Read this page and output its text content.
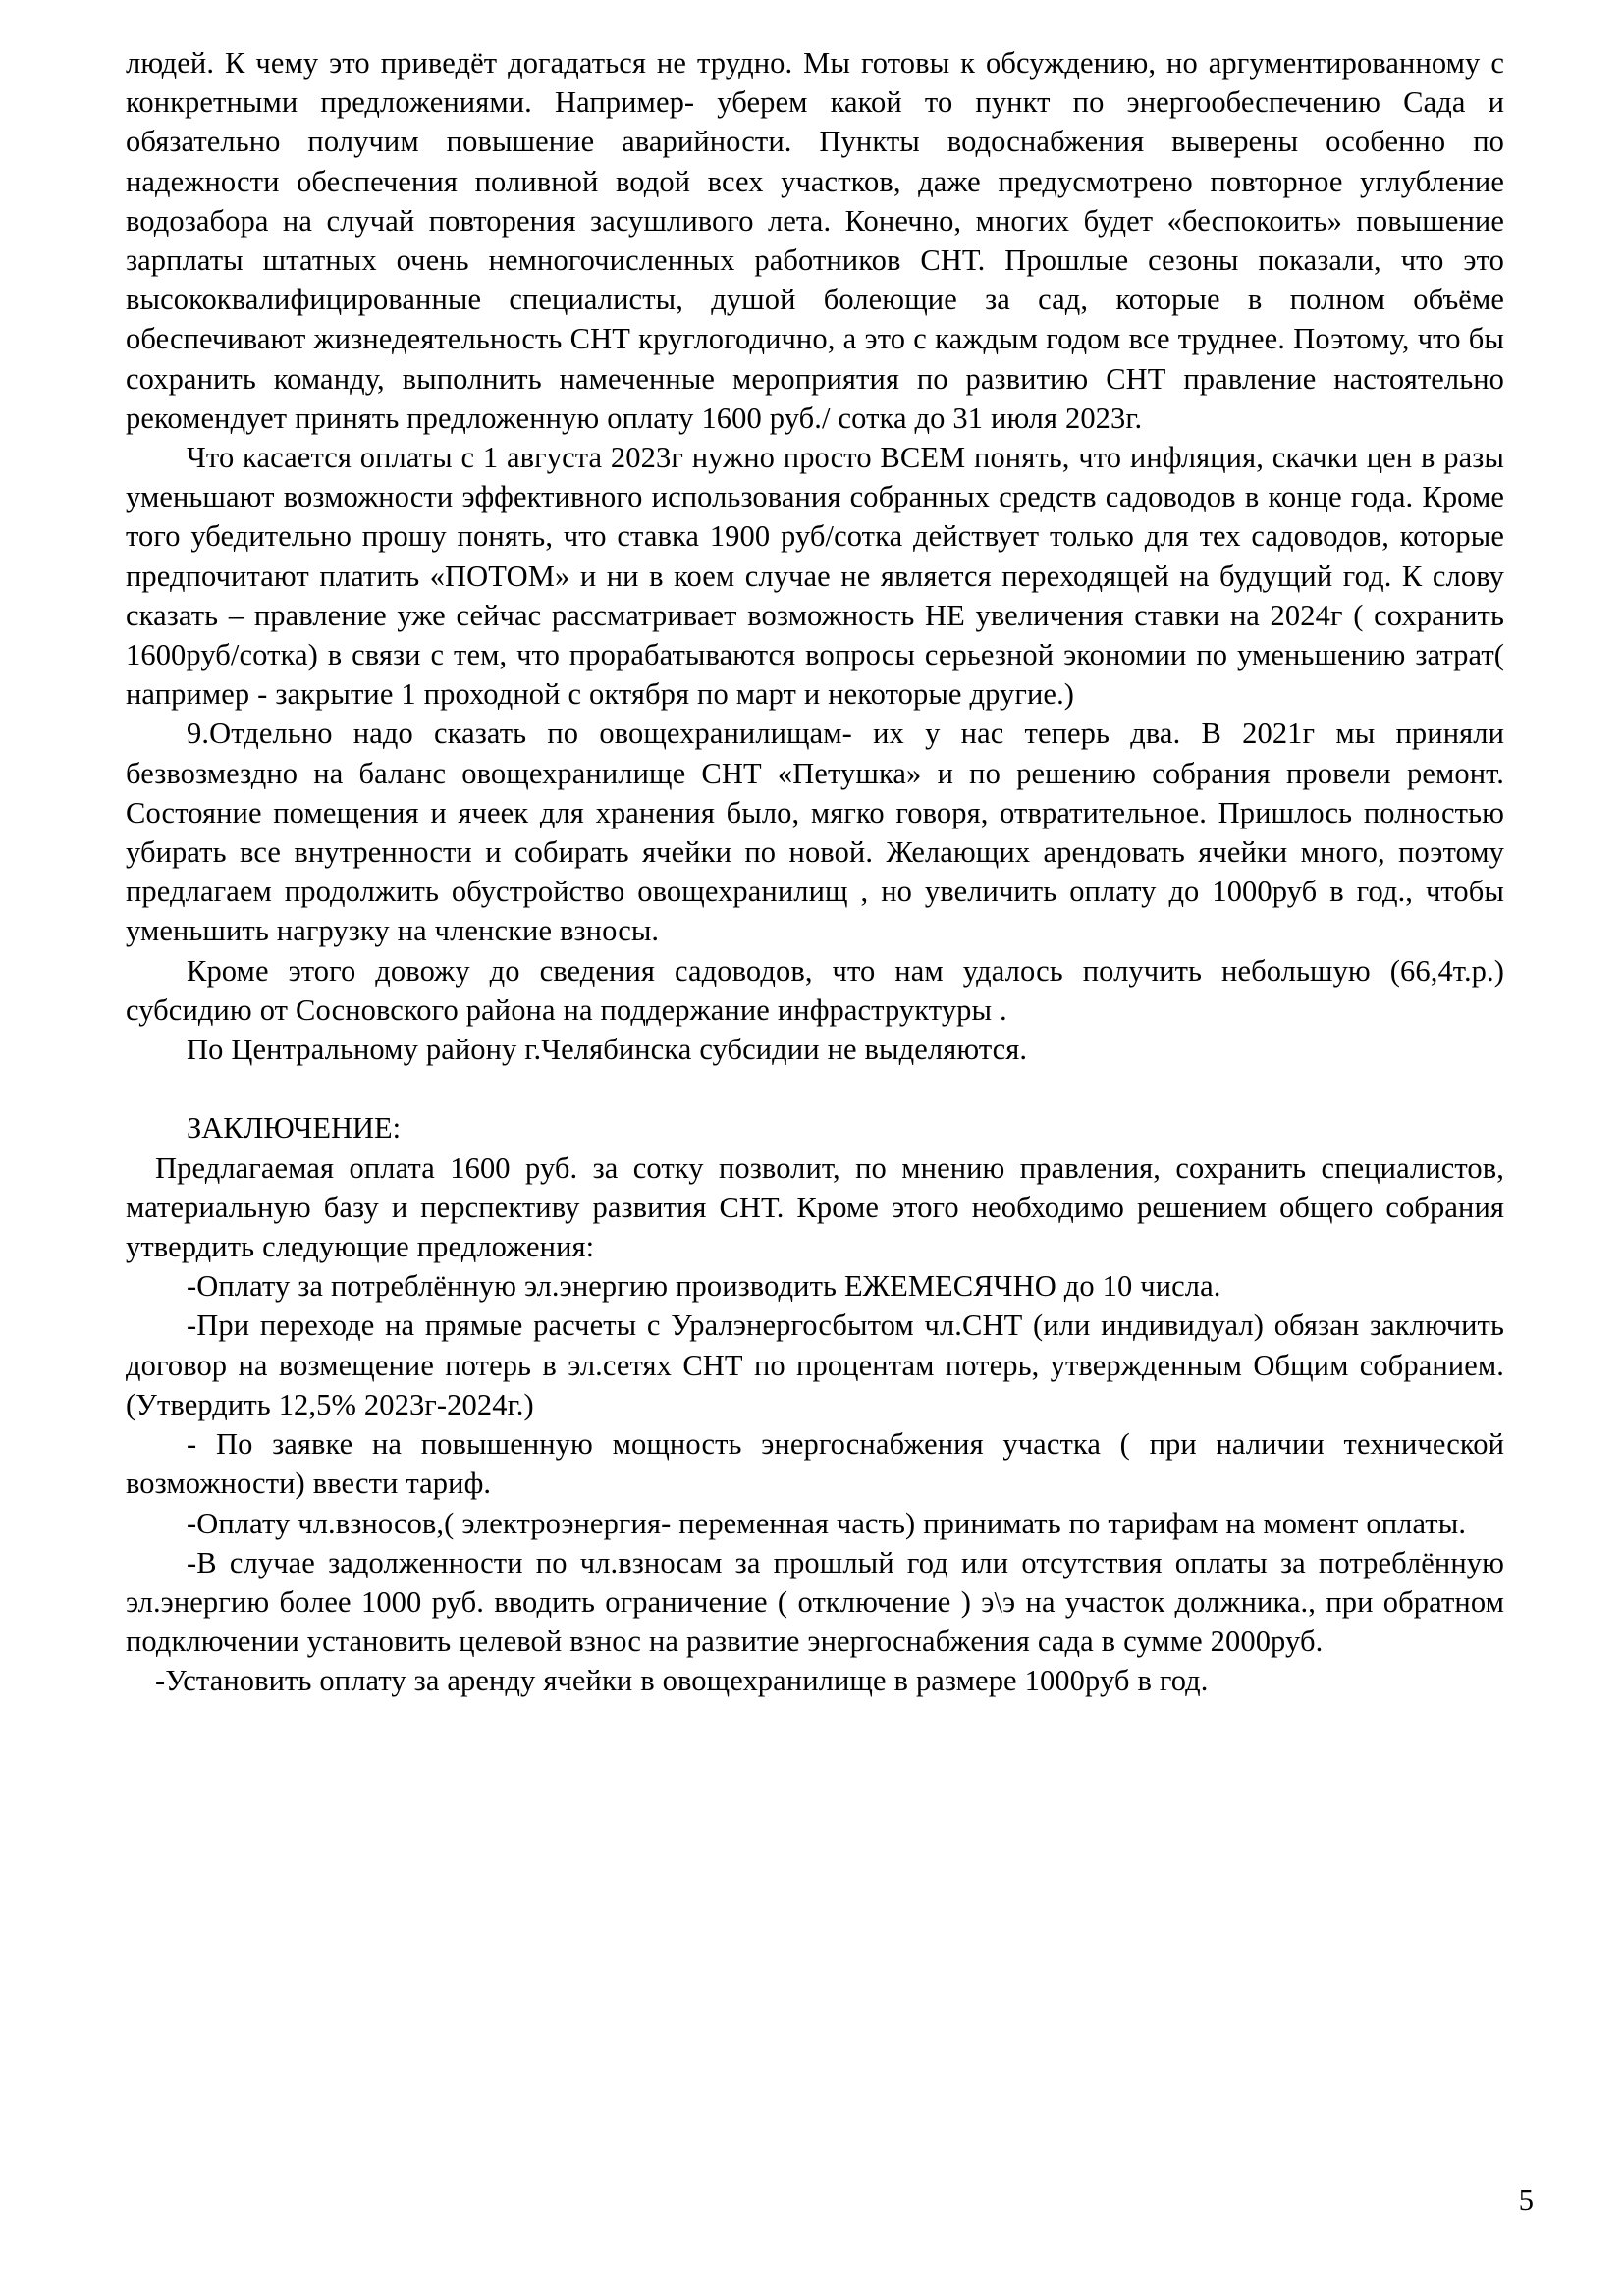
людей. К чему это приведёт догадаться не трудно. Мы готовы к обсуждению, но аргументированному с конкретными предложениями. Например- уберем какой то пункт по энергообеспечению Сада и обязательно получим повышение аварийности. Пункты водоснабжения выверены особенно по надежности обеспечения поливной водой всех участков, даже предусмотрено повторное углубление водозабора на случай повторения засушливого лета. Конечно, многих будет «беспокоить» повышение зарплаты штатных очень немногочисленных работников СНТ. Прошлые сезоны показали, что это высококвалифицированные специалисты, душой болеющие за сад, которые в полном объёме обеспечивают жизнедеятельность СНТ круглогодично, а это с каждым годом все труднее. Поэтому, что бы сохранить команду, выполнить намеченные мероприятия по развитию СНТ правление настоятельно рекомендует принять предложенную оплату 1600 руб./ сотка до 31 июля 2023г.

Что касается оплаты с 1 августа 2023г нужно просто ВСЕМ понять, что инфляция, скачки цен в разы уменьшают возможности эффективного использования собранных средств садоводов в конце года. Кроме того убедительно прошу понять, что ставка 1900 руб/сотка действует только для тех садоводов, которые предпочитают платить «ПОТОМ» и ни в коем случае не является переходящей на будущий год. К слову сказать – правление уже сейчас рассматривает возможность НЕ увеличения ставки на 2024г ( сохранить 1600руб/сотка) в связи с тем, что прорабатываются вопросы серьезной экономии по уменьшению затрат( например - закрытие 1 проходной с октября по март и некоторые другие.)

9.Отдельно надо сказать по овощехранилищам- их у нас теперь два. В 2021г мы приняли безвозмездно на баланс овощехранилище СНТ «Петушка» и по решению собрания провели ремонт. Состояние помещения и ячеек для хранения было, мягко говоря, отвратительное. Пришлось полностью убирать все внутренности и собирать ячейки по новой. Желающих арендовать ячейки много, поэтому предлагаем продолжить обустройство овощехранилищ , но увеличить оплату до 1000руб в год., чтобы уменьшить нагрузку на членские взносы.

Кроме этого довожу до сведения садоводов, что нам удалось получить небольшую (66,4т.р.) субсидию от Сосновского района на поддержание инфраструктуры .

По Центральному району г.Челябинска субсидии не выделяются.

ЗАКЛЮЧЕНИЕ:

Предлагаемая оплата 1600 руб. за сотку позволит, по мнению правления, сохранить специалистов, материальную базу и перспективу развития СНТ. Кроме этого необходимо решением общего собрания утвердить следующие предложения:

-Оплату за потреблённую эл.энергию производить ЕЖЕМЕСЯЧНО до 10 числа.

-При переходе на прямые расчеты с Уралэнергосбытом чл.СНТ (или индивидуал) обязан заключить договор на возмещение потерь в эл.сетях СНТ по процентам потерь, утвержденным Общим собранием.(Утвердить 12,5% 2023г-2024г.)

- По заявке на повышенную мощность энергоснабжения участка ( при наличии технической возможности) ввести тариф.

-Оплату чл.взносов,( электроэнергия- переменная часть) принимать по тарифам на момент оплаты.

-В случае задолженности по чл.взносам за прошлый год или отсутствия оплаты за потреблённую эл.энергию более 1000 руб. вводить ограничение ( отключение ) э\э на участок должника., при обратном подключении установить целевой взнос на развитие энергоснабжения сада в сумме 2000руб.

-Установить оплату за аренду ячейки в овощехранилище в размере 1000руб в год.

5
